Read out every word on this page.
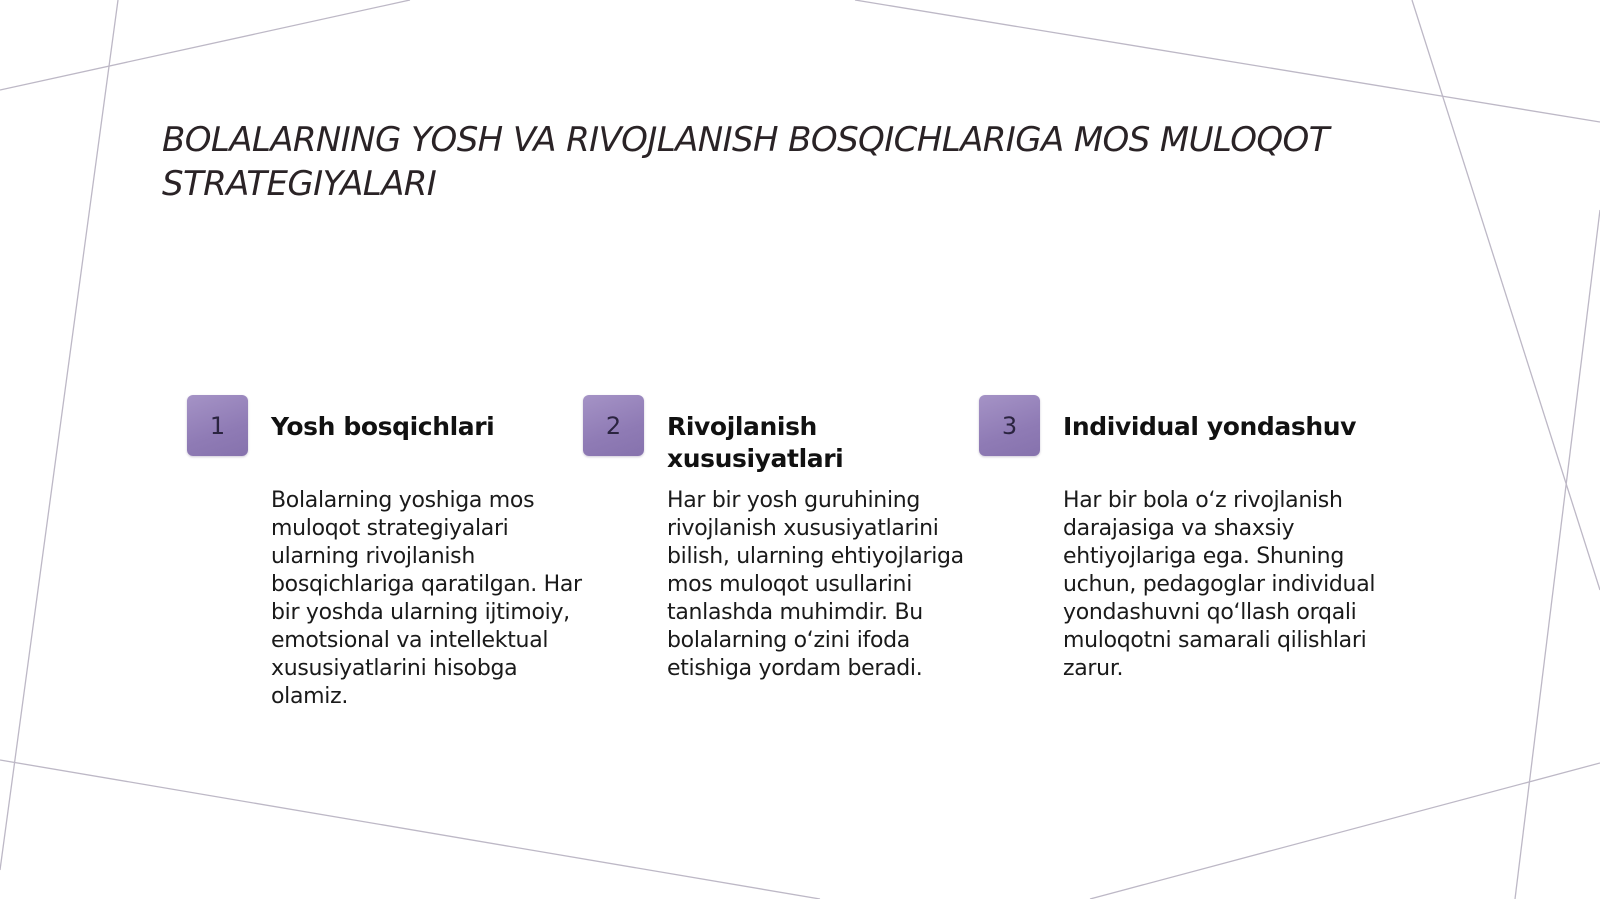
BOLALARNING YOSH VA RIVOJLANISH BOSQICHLARIGA MOS MULOQOT STRATEGIYALARI
1	Yosh bosqichlari

Bolalarning yoshiga mos muloqot strategiyalari ularning rivojlanish bosqichlariga qaratilgan. Har bir yoshda ularning ijtimoiy, emotsional va intellektual xususiyatlarini hisobga olamiz.

2	Rivojlanish xususiyatlari

Har bir yosh guruhining rivojlanish xususiyatlarini bilish, ularning ehtiyojlariga mos muloqot usullarini tanlashda muhimdir. Bu bolalarning o‘zini ifoda etishiga yordam beradi.

3	Individual yondashuv

Har bir bola o‘z rivojlanish darajasiga va shaxsiy ehtiyojlariga ega. Shuning uchun, pedagoglar individual yondashuvni qo‘llash orqali muloqotni samarali qilishlari zarur.
